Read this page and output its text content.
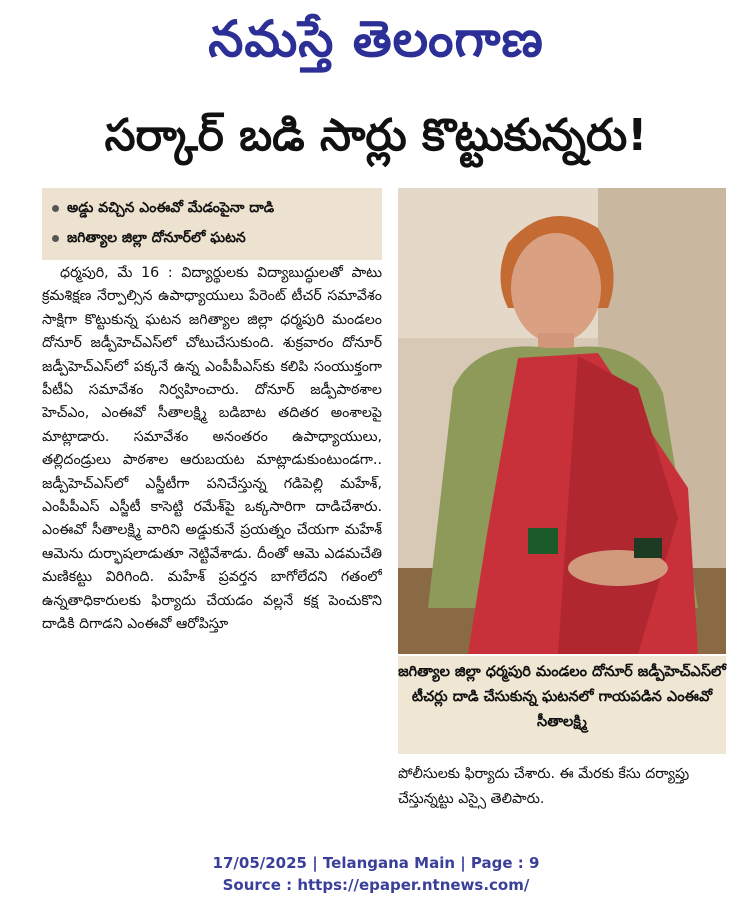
నమస్తే తెలంగాణ
సర్కార్ బడి సార్లు కొట్టుకున్నరు!
అడ్డు వచ్చిన ఎంఈవో మేడంపైనా దాడి
జగిత్యాల జిల్లా దోనూర్‌లో ఘటన

ధర్మపురి, మే 16 : విద్యార్థులకు విద్యాబుద్ధులతో పాటు క్రమశిక్షణ నేర్పాల్సిన ఉపాధ్యాయులు పేరెంట్ టీచర్ సమావేశం సాక్షిగా కొట్టుకున్న ఘటన జగిత్యాల జిల్లా ధర్మపురి మండలం దోనూర్ జడ్పీహెచ్ఎస్‌లో చోటుచేసుకుంది. శుక్రవారం దోనూర్ జడ్పీహెచ్ఎస్‌లో పక్కనే ఉన్న ఎంపీపీఎస్‌కు కలిపి సంయుక్తంగా పీటీఏ సమావేశం నిర్వహించారు. దోనూర్ జడ్పీపాఠశాల హెచ్ఎం, ఎంఈవో సీతాలక్ష్మి బడిబాట తదితర అంశాలపై మాట్లాడారు. సమావేశం అనంతరం ఉపాధ్యాయులు, తల్లిదండ్రులు పాఠశాల ఆరుబయట మాట్లాడుకుంటుండగా.. జడ్పీహెచ్ఎస్‌లో ఎస్జీటీగా పనిచేస్తున్న గడిపెల్లి మహేశ్, ఎంపీపీఎస్ ఎస్జీటీ కాసెట్టి రమేశ్‌పై ఒక్కసారిగా దాడిచేశారు. ఎంఈవో సీతాలక్ష్మి వారిని అడ్డుకునే ప్రయత్నం చేయగా మహేశ్ ఆమెను దుర్భాషలాడుతూ నెట్టివేశాడు. దీంతో ఆమె ఎడమచేతి మణికట్టు విరిగింది. మహేశ్ ప్రవర్తన బాగోలేదని గతంలో ఉన్నతాధికారులకు ఫిర్యాదు చేయడం వల్లనే కక్ష పెంచుకొని దాడికి దిగాడని ఎంఈవో ఆరోపిస్తూ

జగిత్యాల జిల్లా ధర్మపురి మండలం దోనూర్ జడ్పీహెచ్ఎస్‌లో టీచర్లు దాడి చేసుకున్న ఘటనలో గాయపడిన ఎంఈవో సీతాలక్ష్మి
పోలీసులకు ఫిర్యాదు చేశారు. ఈ మేరకు కేసు దర్యాప్తు చేస్తున్నట్టు ఎస్సై తెలిపారు.
17/05/2025 | Telangana Main | Page : 9
Source : https://epaper.ntnews.com/
